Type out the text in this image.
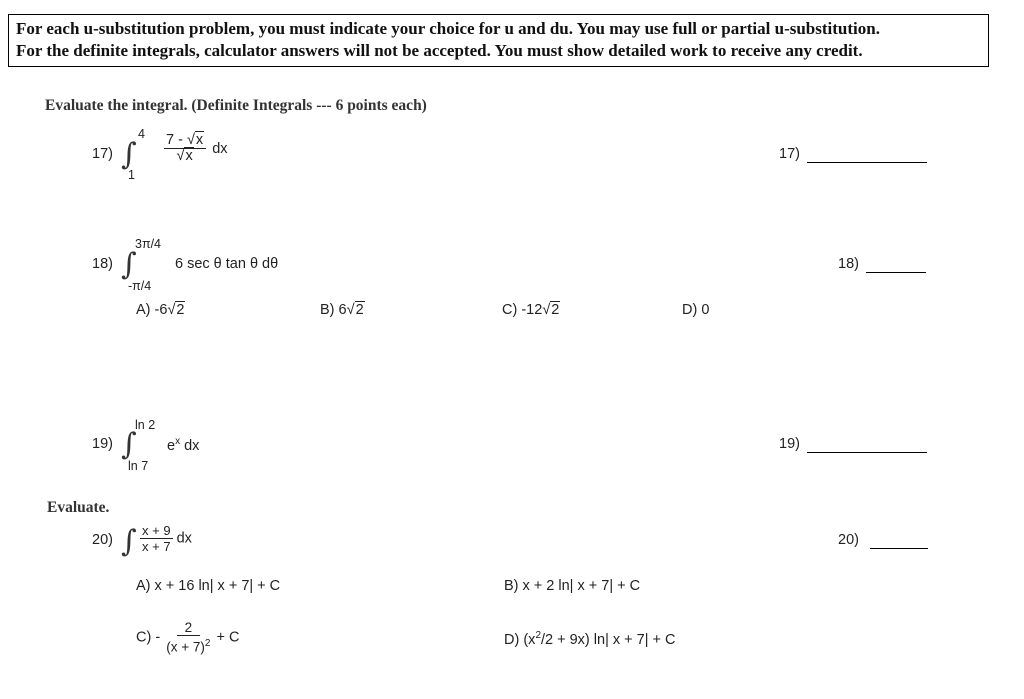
For each u-substitution problem, you must indicate your choice for u and du. You may use full or partial u-substitution.
For the definite integrals, calculator answers will not be accepted. You must show detailed work to receive any credit.
Evaluate the integral. (Definite Integrals --- 6 points each)
17) ∫
4
1
$\frac{7 - √x}{√x}$ dx	17)
18) ∫
3π/4
-π/4
6 sec θ tan θ dθ	18)
A) -6√2	B) 6√2	C) -12√2	D) 0
19) ∫
ln 2
ln 7
$e^x$ dx	19)
Evaluate.
20) ∫ $\frac{x + 9}{x + 7}$ dx	20)
A) x + 16 ln| x + 7| + C	B) x + 2 ln| x + 7| + C
$C) - \frac{2}{(x + 7)^2} + C$	D) $(x^2/2 + 9x)$ ln| x + 7| + C
